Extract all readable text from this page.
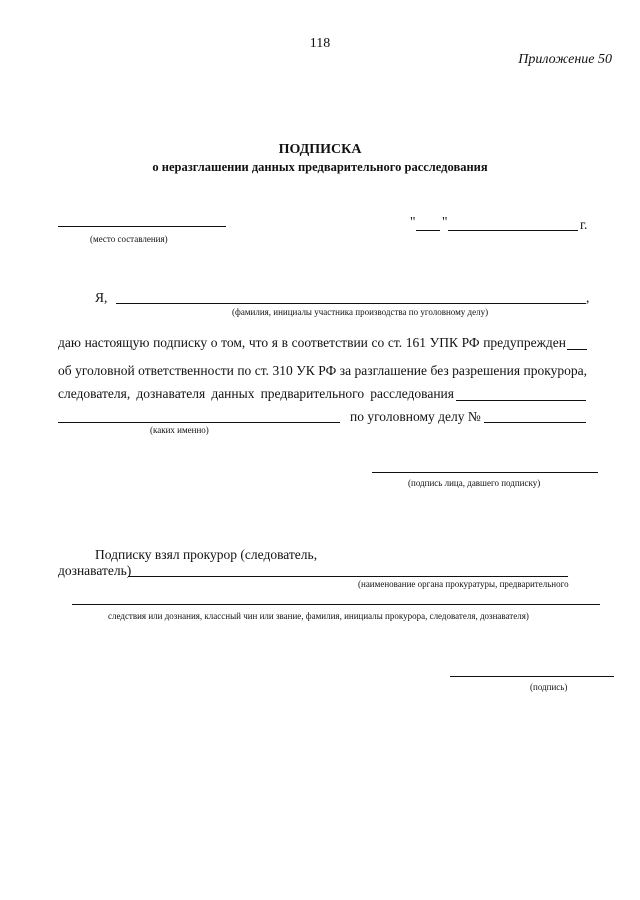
118
Приложение 50
ПОДПИСКА
о неразглашении данных предварительного расследования
(место составления)
" "	г.
Я,	,
(фамилия, инициалы участника производства по уголовному делу)
даю настоящую подписку о том, что я в соответствии со ст. 161 УПК РФ предупрежден
об уголовной ответственности по ст. 310 УК РФ за разглашение без разрешения прокурора,
следователя, дознавателя данных предварительного расследования
по уголовному делу №
(каких именно)
(подпись лица, давшего подписку)
Подписку взял прокурор (следователь,
дознаватель)
(наименование органа прокуратуры, предварительного
следствия или дознания, классный чин или звание, фамилия, инициалы прокурора, следователя, дознавателя)
(подпись)
